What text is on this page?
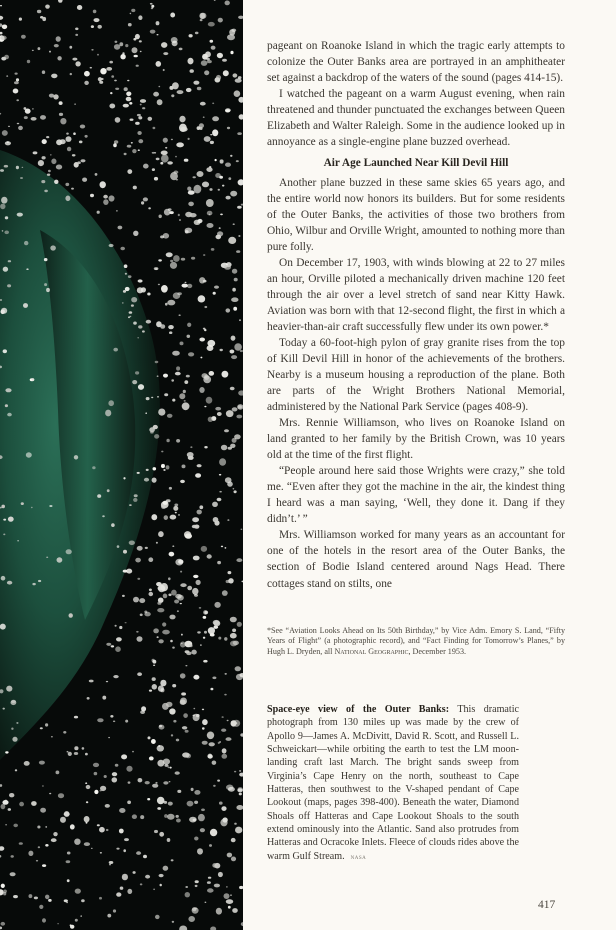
pageant on Roanoke Island in which the tragic early attempts to colonize the Outer Banks area are portrayed in an amphitheater set against a backdrop of the waters of the sound (pages 414-15).

I watched the pageant on a warm August evening, when rain threatened and thunder punctuated the exchanges between Queen Elizabeth and Walter Raleigh. Some in the audience looked up in annoyance as a single-engine plane buzzed overhead.

Air Age Launched Near Kill Devil Hill

Another plane buzzed in these same skies 65 years ago, and the entire world now honors its builders. But for some residents of the Outer Banks, the activities of those two brothers from Ohio, Wilbur and Orville Wright, amounted to nothing more than pure folly.

On December 17, 1903, with winds blowing at 22 to 27 miles an hour, Orville piloted a mechanically driven machine 120 feet through the air over a level stretch of sand near Kitty Hawk. Aviation was born with that 12-second flight, the first in which a heavier-than-air craft successfully flew under its own power.*

Today a 60-foot-high pylon of gray granite rises from the top of Kill Devil Hill in honor of the achievements of the brothers. Nearby is a museum housing a reproduction of the plane. Both are parts of the Wright Brothers National Memorial, administered by the National Park Service (pages 408-9).

Mrs. Rennie Williamson, who lives on Roanoke Island on land granted to her family by the British Crown, was 10 years old at the time of the first flight.

“People around here said those Wrights were crazy,” she told me. “Even after they got the machine in the air, the kindest thing I heard was a man saying, ‘Well, they done it. Dang if they didn’t.’ ”

Mrs. Williamson worked for many years as an accountant for one of the hotels in the resort area of the Outer Banks, the section of Bodie Island centered around Nags Head. There cottages stand on stilts, one

*See “Aviation Looks Ahead on Its 50th Birthday,” by Vice Adm. Emory S. Land, “Fifty Years of Flight” (a photographic record), and “Fact Finding for Tomorrow’s Planes,” by Hugh L. Dryden, all National Geographic, December 1953.

Space-eye view of the Outer Banks: This dramatic photograph from 130 miles up was made by the crew of Apollo 9—James A. McDivitt, David R. Scott, and Russell L. Schweickart—while orbiting the earth to test the LM moon-landing craft last March. The bright sands sweep from Virginia’s Cape Henry on the north, southeast to Cape Hatteras, then southwest to the V-shaped pendant of Cape Lookout (maps, pages 398-400). Beneath the water, Diamond Shoals off Hatteras and Cape Lookout Shoals to the south extend ominously into the Atlantic. Sand also protrudes from Hatteras and Ocracoke Inlets. Fleece of clouds rides above the warm Gulf Stream. NASA

417
